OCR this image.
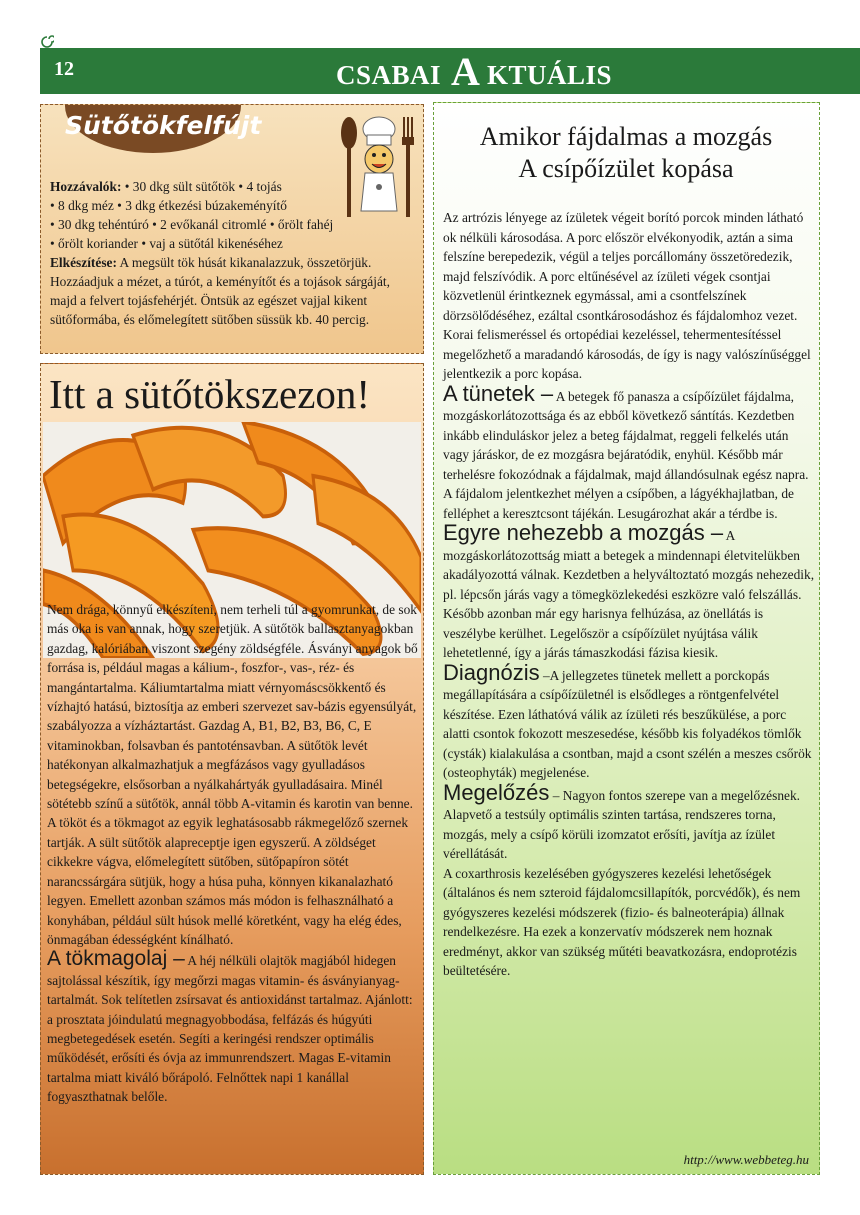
12	CSABAI A KTUÁLIS
Sütőtökfelfújt

Hozzávalók: • 30 dkg sült sütőtök • 4 tojás

• 8 dkg méz • 3 dkg étkezési búzakeményítő

• 30 dkg tehéntúró • 2 evőkanál citromlé • őrölt fahéj

• őrölt koriander • vaj a sütőtál kikenéséhez

Elkészítése: A megsült tök húsát kikanalazzuk, összetörjük. Hozzáadjuk a mézet, a túrót, a keményítőt és a tojások sárgáját, majd a felvert tojásfehérjét. Öntsük az egészet vajjal kikent sütőformába, és előmelegített sütőben süssük kb. 40 percig.

Itt a sütőtökszezon!

Nem drága, könnyű elkészíteni, nem terheli túl a gyomrunkat, de sok más oka is van annak, hogy szeretjük. A sütőtök ballasztanyagokban gazdag, kalóriában viszont szegény zöldségféle. Ásványi anyagok bő forrása is, például magas a kálium-, foszfor-, vas-, réz- és mangántartalma. Káliumtartalma miatt vérnyomáscsökkentő és vízhajtó hatású, biztosítja az emberi szervezet sav-bázis egyensúlyát, szabályozza a vízháztartást. Gazdag A, B1, B2, B3, B6, C, E vitaminokban, folsavban és pantoténsavban. A sütőtök levét hatékonyan alkalmazhatjuk a megfázásos vagy gyulladásos betegségekre, elsősorban a nyálkahártyák gyulladásaira. Minél sötétebb színű a sütőtök, annál több A-vitamin és karotin van benne. A tököt és a tökmagot az egyik leghatásosabb rákmegelőző szernek tartják. A sült sütőtök alapreceptje igen egyszerű. A zöldséget cikkekre vágva, előmelegített sütőben, sütőpapíron sötét narancssárgára sütjük, hogy a húsa puha, könnyen kikanalazható legyen. Emellett azonban számos más módon is felhasználható a konyhában, például sült húsok mellé köretként, vagy ha elég édes, önmagában édességként kínálható.

A tökmagolaj – A héj nélküli olajtök magjából hidegen sajtolással készítik, így megőrzi magas vitamin- és ásványianyag-tartalmát. Sok telítetlen zsírsavat és antioxidánst tartalmaz. Ajánlott: a prosztata jóindulatú megnagyobbodása, felfázás és húgyúti megbetegedések esetén. Segíti a keringési rendszer optimális működését, erősíti és óvja az immunrendszert. Magas E-vitamin tartalma miatt kiváló bőrápoló. Felnőttek napi 1 kanállal fogyaszthatnak belőle.

Amikor fájdalmas a mozgás
A csípőízület kopása

Az artrózis lényege az ízületek végeit borító porcok minden látható ok nélküli károsodása. A porc először elvékonyodik, aztán a sima felszíne berepedezik, végül a teljes porcállomány összetöredezik, majd felszívódik. A porc eltűnésével az ízületi végek csontjai közvetlenül érintkeznek egymással, ami a csontfelszínek dörzsölődéséhez, ezáltal csontkárosodáshoz és fájdalomhoz vezet. Korai felismeréssel és ortopédiai kezeléssel, tehermentesítéssel megelőzhető a maradandó károsodás, de így is nagy valószínűséggel jelentkezik a porc kopása.

A tünetek – A betegek fő panasza a csípőízület fájdalma, mozgáskorlátozottsága és az ebből következő sántítás. Kezdetben inkább elinduláskor jelez a beteg fájdalmat, reggeli felkelés után vagy járáskor, de ez mozgásra bejáratódik, enyhül. Később már terhelésre fokozódnak a fájdalmak, majd állandósulnak egész napra. A fájdalom jelentkezhet mélyen a csípőben, a lágyékhajlatban, de felléphet a keresztcsont tájékán. Lesugározhat akár a térdbe is.

Egyre nehezebb a mozgás – A mozgáskorlátozottság miatt a betegek a mindennapi életvitelükben akadályozottá válnak. Kezdetben a helyváltoztató mozgás nehezedik, pl. lépcsőn járás vagy a tömegközlekedési eszközre való felszállás. Később azonban már egy harisnya felhúzása, az önellátás is veszélybe kerülhet. Legelőször a csípőízület nyújtása válik lehetetlenné, így a járás támaszkodási fázisa kiesik.

Diagnózis –A jellegzetes tünetek mellett a porckopás megállapítására a csípőízületnél is elsődleges a röntgenfelvétel készítése. Ezen láthatóvá válik az ízületi rés beszűkülése, a porc alatti csontok fokozott meszesedése, később kis folyadékos tömlők (cysták) kialakulása a csontban, majd a csont szélén a meszes csőrök (osteophyták) megjelenése.

Megelőzés – Nagyon fontos szerepe van a megelőzésnek. Alapvető a testsúly optimális szinten tartása, rendszeres torna, mozgás, mely a csípő körüli izomzatot erősíti, javítja az ízület vérellátását.

A coxarthrosis kezelésében gyógyszeres kezelési lehetőségek (általános és nem szteroid fájdalomcsillapítók, porcvédők), és nem gyógyszeres kezelési módszerek (fizio- és balneoterápia) állnak rendelkezésre. Ha ezek a konzervatív módszerek nem hoznak eredményt, akkor van szükség műtéti beavatkozásra, endoprotézis beültetésére.

http://www.webbeteg.hu
